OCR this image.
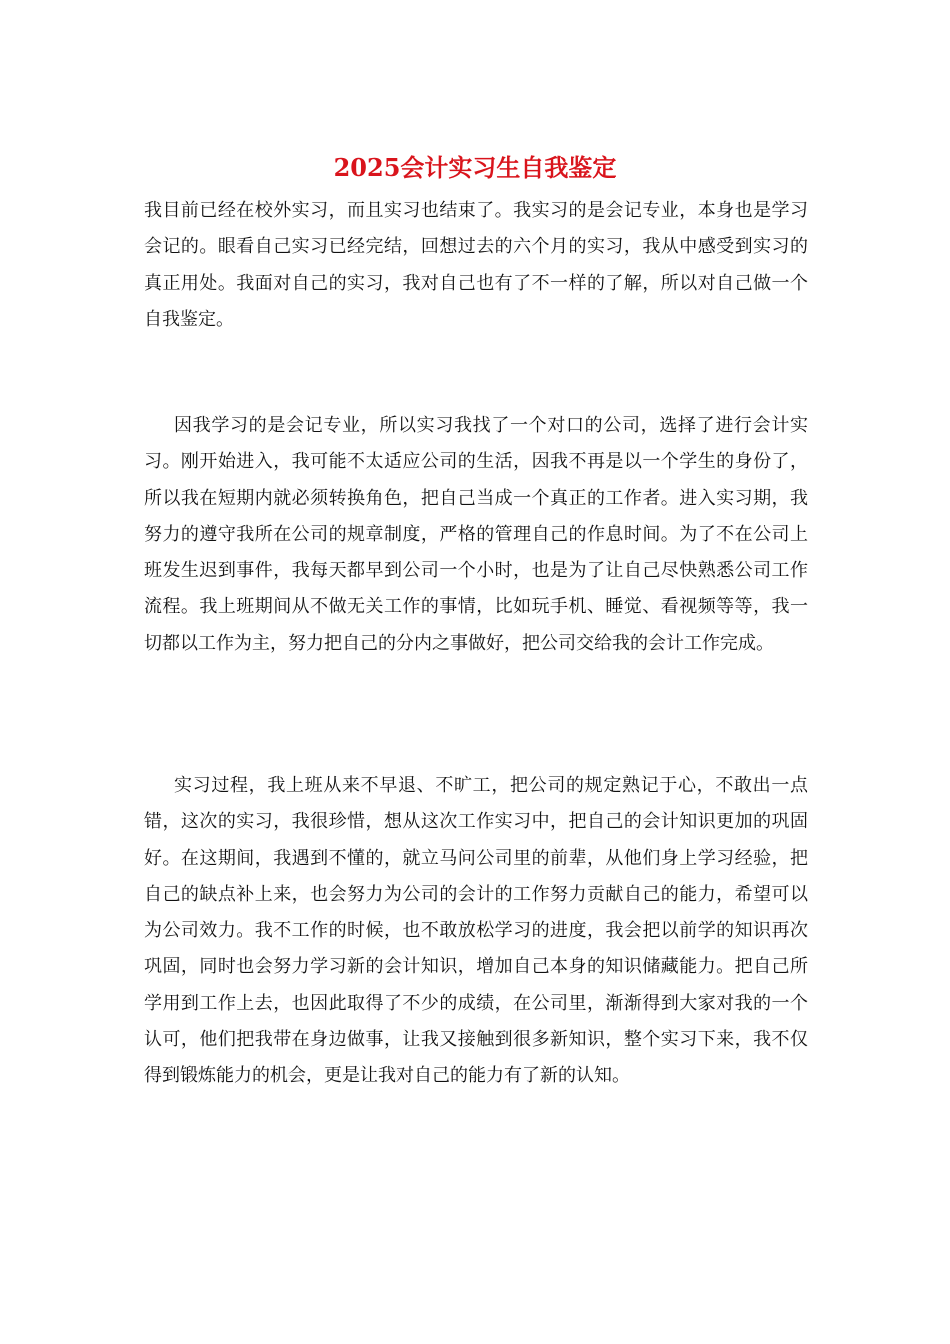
2025会计实习生自我鉴定

我目前已经在校外实习，而且实习也结束了。我实习的是会记专业，本身也是学习会记的。眼看自己实习已经完结，回想过去的六个月的实习，我从中感受到实习的真正用处。我面对自己的实习，我对自己也有了不一样的了解，所以对自己做一个自我鉴定。

因我学习的是会记专业，所以实习我找了一个对口的公司，选择了进行会计实习。刚开始进入，我可能不太适应公司的生活，因我不再是以一个学生的身份了，所以我在短期内就必须转换角色，把自己当成一个真正的工作者。进入实习期，我努力的遵守我所在公司的规章制度，严格的管理自己的作息时间。为了不在公司上班发生迟到事件，我每天都早到公司一个小时，也是为了让自己尽快熟悉公司工作流程。我上班期间从不做无关工作的事情，比如玩手机、睡觉、看视频等等，我一切都以工作为主，努力把自己的分内之事做好，把公司交给我的会计工作完成。

实习过程，我上班从来不早退、不旷工，把公司的规定熟记于心，不敢出一点错，这次的实习，我很珍惜，想从这次工作实习中，把自己的会计知识更加的巩固好。在这期间，我遇到不懂的，就立马问公司里的前辈，从他们身上学习经验，把自己的缺点补上来，也会努力为公司的会计的工作努力贡献自己的能力，希望可以为公司效力。我不工作的时候，也不敢放松学习的进度，我会把以前学的知识再次巩固，同时也会努力学习新的会计知识，增加自己本身的知识储藏能力。把自己所学用到工作上去，也因此取得了不少的成绩，在公司里，渐渐得到大家对我的一个认可，他们把我带在身边做事，让我又接触到很多新知识，整个实习下来，我不仅得到锻炼能力的机会，更是让我对自己的能力有了新的认知。
